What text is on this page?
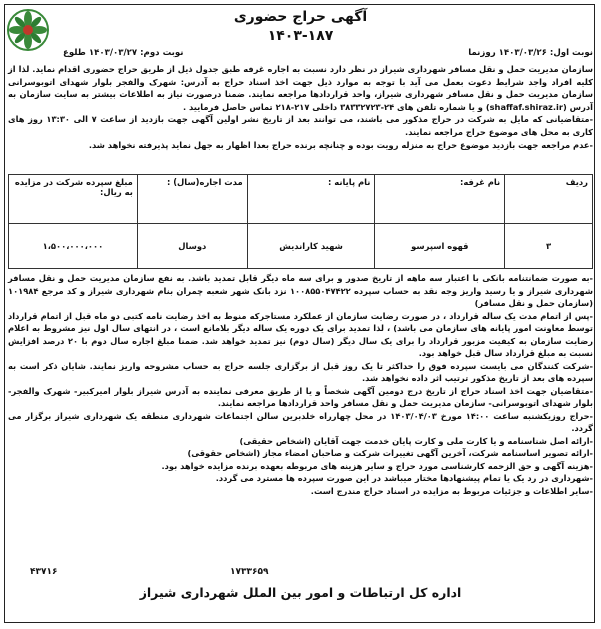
آگهی حراج حضوری
۱۴۰۳-۱۸۷
نوبت اول: ۱۴۰۳/۰۳/۲۶ روزنما
نوبت دوم: ۱۴۰۳/۰۳/۲۷ طلوع

سازمان مدیریت حمل و نقل مسافر شهرداری شیراز در نظر دارد نسبت به اجاره غرفه طبق جدول ذیل از طریق حراج حضوری اقدام نماید. لذا از کلیه افراد واجد شرایط دعوت بعمل می آید با توجه به موارد ذیل جهت اخذ اسناد حراج به آدرس: شهرک والفجر بلوار شهدای اتوبوسرانی سازمان مدیریت حمل و نقل مسافر شهرداری شیراز، واحد قراردادها مراجعه نمایند. ضمنا درصورت نیاز به اطلاعات بیشتر به سایت سازمان به آدرس (shaffaf.shiraz.ir) و یا شماره تلفن های ۲۴-۳۸۳۳۲۷۲۳ داخلی ۲۱۷-۲۱۸ تماس حاصل فرمایید .

-متقاضیانی که مایل به شرکت در حراج مذکور می باشند، می توانند بعد از تاریخ نشر اولین آگهی جهت بازدید از ساعت ۷ الی ۱۳:۳۰ روز های کاری به محل های موضوع حراج مراجعه نمایند.

-عدم مراجعه جهت بازدید موضوع حراج به منزله رویت بوده و چنانچه برنده حراج بعدا اظهار به جهل نماید پذیرفته نخواهد شد.

ردیف	نام غرفه:	نام پایانه :	مدت اجاره(سال) :	مبلغ سپرده شرکت در مزایده به ریال:
۳	قهوه اسپرسو	شهید کاراندیش	دوسال	۱،۵۰۰،۰۰۰،۰۰۰

-به صورت ضمانتنامه بانکی با اعتبار سه ماهه از تاریخ صدور و برای سه ماه دیگر قابل تمدید باشد. به نفع سازمان مدیریت حمل و نقل مسافر شهرداری شیراز و یا رسید واریز وجه نقد به حساب سپرده ۱۰۰۸۵۵۰۴۷۴۲۲ نزد بانک شهر شعبه چمران بنام شهرداری شیراز و کد مرجع ۱۰۱۹۸۴ (سازمان حمل و نقل مسافر)

-پس از اتمام مدت یک ساله قرارداد ، در صورت رضایت سازمان از عملکرد مستاجرکه منوط به اخذ رضایت نامه کتبی دو ماه قبل از اتمام قرارداد توسط معاونت امور پایانه های سازمان می باشد) ، لذا تمدید برای یک دوره یک ساله دیگر بلامانع است ، در انتهای سال اول نیز مشروط به اعلام رضایت سازمان به کیفیت مزبور قرارداد را برای یک سال دیگر (سال دوم) نیز تمدید خواهد شد. ضمنا مبلغ اجاره سال دوم با ۲۰ درصد افزایش نسبت به مبلغ قرارداد سال قبل خواهد بود.

-شرکت کنندگان می بایست سپرده فوق را حداکثر تا یک روز قبل از برگزاری جلسه حراج به حساب مشروحه واریز نمایند. شایان ذکر است به سپرده های بعد از تاریخ مذکور ترتیب اثر داده نخواهد شد.

-متقاضیان جهت اخذ اسناد حراج از تاریخ درج دومین آگهی شخصاً و یا از طریق معرفی نماینده به آدرس شیراز بلوار امیرکبیر- شهرک والفجر- بلوار شهدای اتوبوسرانی- سازمان مدیریت حمل و نقل مسافر واحد قراردادها مراجعه نمایند.

-حراج روزیکشنبه ساعت ۱۴:۰۰ مورخ ۱۴۰۳/۰۴/۰۳ در محل چهارراه خلدبرین سالن اجتماعات شهرداری منطقه یک شهرداری شیراز برگزار می گردد.

-ارائه اصل شناسنامه و یا کارت ملی و کارت پایان خدمت جهت آقایان (اشخاص حقیقی)

-ارائه تصویر اساسنامه شرکت، آخرین آگهی تغییرات شرکت و صاحبان امضاء مجاز (اشخاص حقوقی)

-هزینه آگهی و حق الزحمه کارشناسی مورد حراج و سایر هزینه های مربوطه بعهده برنده مزایده خواهد بود.

-شهرداری در رد یک یا تمام پیشنهادها مختار میباشد در این صورت سپرده ها مسترد می گردد.

-سایر اطلاعات و جزئیات مربوط به مزایده در اسناد حراج مندرج است.

۴۳۷۱۶	۱۷۳۳۶۵۹
اداره کل ارتباطات و امور بین الملل شهرداری شیراز
